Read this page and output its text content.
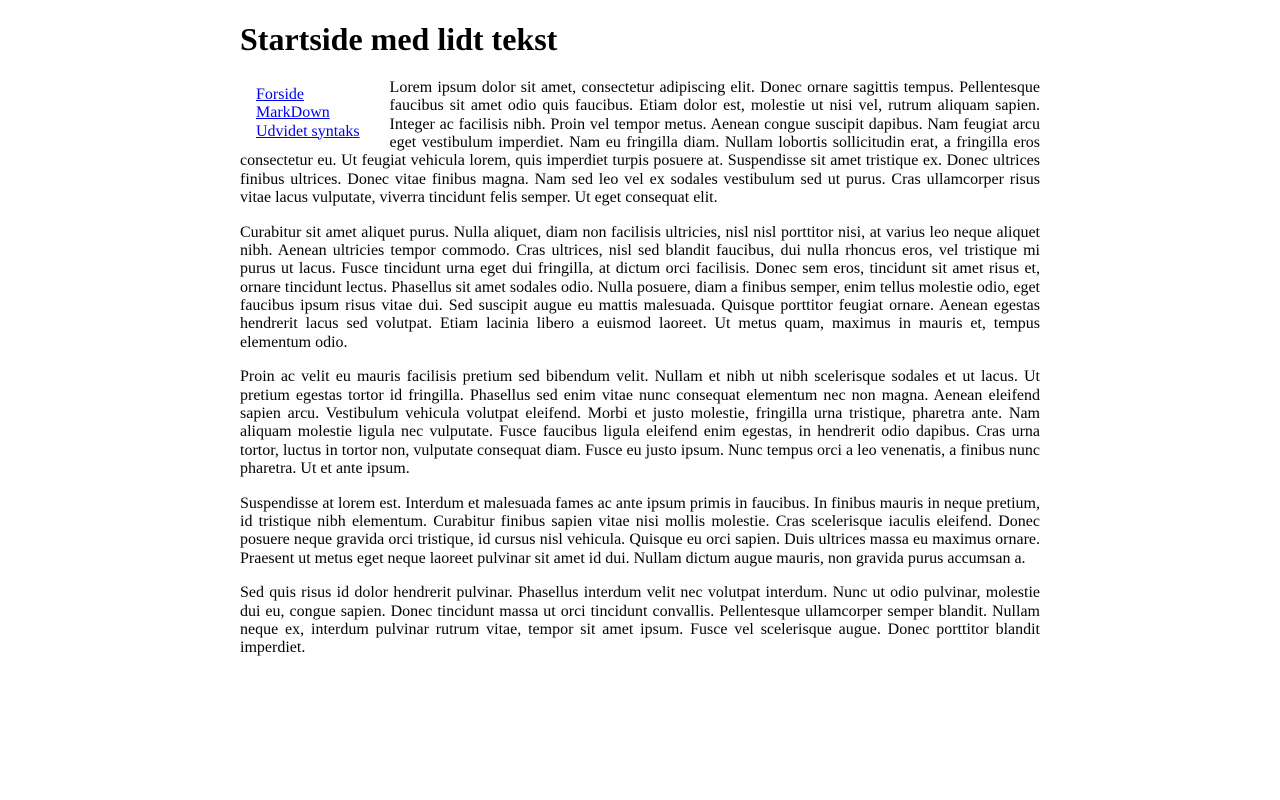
Startside med lidt tekst
Forside
MarkDown
Udvidet syntaks

Lorem ipsum dolor sit amet, consectetur adipiscing elit. Donec ornare sagittis tempus. Pellentesque faucibus sit amet odio quis faucibus. Etiam dolor est, molestie ut nisi vel, rutrum aliquam sapien. Integer ac facilisis nibh. Proin vel tempor metus. Aenean congue suscipit dapibus. Nam feugiat arcu eget vestibulum imperdiet. Nam eu fringilla diam. Nullam lobortis sollicitudin erat, a fringilla eros consectetur eu. Ut feugiat vehicula lorem, quis imperdiet turpis posuere at. Suspendisse sit amet tristique ex. Donec ultrices finibus ultrices. Donec vitae finibus magna. Nam sed leo vel ex sodales vestibulum sed ut purus. Cras ullamcorper risus vitae lacus vulputate, viverra tincidunt felis semper. Ut eget consequat elit.

Curabitur sit amet aliquet purus. Nulla aliquet, diam non facilisis ultricies, nisl nisl porttitor nisi, at varius leo neque aliquet nibh. Aenean ultricies tempor commodo. Cras ultrices, nisl sed blandit faucibus, dui nulla rhoncus eros, vel tristique mi purus ut lacus. Fusce tincidunt urna eget dui fringilla, at dictum orci facilisis. Donec sem eros, tincidunt sit amet risus et, ornare tincidunt lectus. Phasellus sit amet sodales odio. Nulla posuere, diam a finibus semper, enim tellus molestie odio, eget faucibus ipsum risus vitae dui. Sed suscipit augue eu mattis malesuada. Quisque porttitor feugiat ornare. Aenean egestas hendrerit lacus sed volutpat. Etiam lacinia libero a euismod laoreet. Ut metus quam, maximus in mauris et, tempus elementum odio.

Proin ac velit eu mauris facilisis pretium sed bibendum velit. Nullam et nibh ut nibh scelerisque sodales et ut lacus. Ut pretium egestas tortor id fringilla. Phasellus sed enim vitae nunc consequat elementum nec non magna. Aenean eleifend sapien arcu. Vestibulum vehicula volutpat eleifend. Morbi et justo molestie, fringilla urna tristique, pharetra ante. Nam aliquam molestie ligula nec vulputate. Fusce faucibus ligula eleifend enim egestas, in hendrerit odio dapibus. Cras urna tortor, luctus in tortor non, vulputate consequat diam. Fusce eu justo ipsum. Nunc tempus orci a leo venenatis, a finibus nunc pharetra. Ut et ante ipsum.

Suspendisse at lorem est. Interdum et malesuada fames ac ante ipsum primis in faucibus. In finibus mauris in neque pretium, id tristique nibh elementum. Curabitur finibus sapien vitae nisi mollis molestie. Cras scelerisque iaculis eleifend. Donec posuere neque gravida orci tristique, id cursus nisl vehicula. Quisque eu orci sapien. Duis ultrices massa eu maximus ornare. Praesent ut metus eget neque laoreet pulvinar sit amet id dui. Nullam dictum augue mauris, non gravida purus accumsan a.

Sed quis risus id dolor hendrerit pulvinar. Phasellus interdum velit nec volutpat interdum. Nunc ut odio pulvinar, molestie dui eu, congue sapien. Donec tincidunt massa ut orci tincidunt convallis. Pellentesque ullamcorper semper blandit. Nullam neque ex, interdum pulvinar rutrum vitae, tempor sit amet ipsum. Fusce vel scelerisque augue. Donec porttitor blandit imperdiet.
